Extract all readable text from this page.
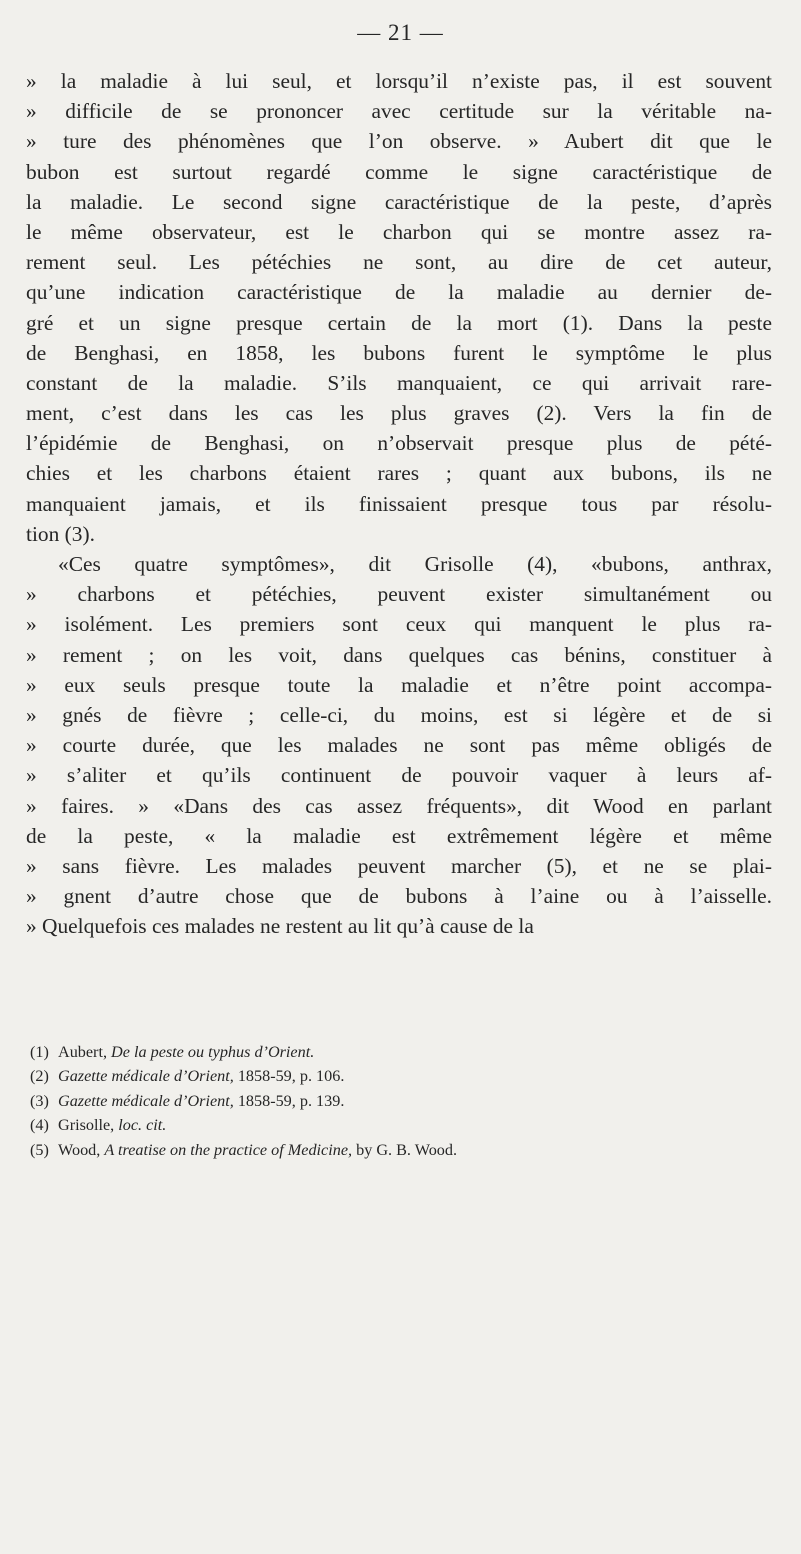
— 21 —
» la maladie à lui seul, et lorsqu’il n’existe pas, il est souvent
» difficile de se prononcer avec certitude sur la véritable na-
» ture des phénomènes que l’on observe. » Aubert dit que le
bubon est surtout regardé comme le signe caractéristique de
la maladie. Le second signe caractéristique de la peste, d’après
le même observateur, est le charbon qui se montre assez ra-
rement seul. Les pétéchies ne sont, au dire de cet auteur,
qu’une indication caractéristique de la maladie au dernier de-
gré et un signe presque certain de la mort (1). Dans la peste
de Benghasi, en 1858, les bubons furent le symptôme le plus
constant de la maladie. S’ils manquaient, ce qui arrivait rare-
ment, c’est dans les cas les plus graves (2). Vers la fin de
l’épidémie de Benghasi, on n’observait presque plus de pété-
chies et les charbons étaient rares ; quant aux bubons, ils ne
manquaient jamais, et ils finissaient presque tous par résolu-
tion (3).
«Ces quatre symptômes», dit Grisolle (4), «bubons, anthrax,
» charbons et pétéchies, peuvent exister simultanément ou
» isolément. Les premiers sont ceux qui manquent le plus ra-
» rement ; on les voit, dans quelques cas bénins, constituer à
» eux seuls presque toute la maladie et n’être point accompa-
» gnés de fièvre ; celle-ci, du moins, est si légère et de si
» courte durée, que les malades ne sont pas même obligés de
» s’aliter et qu’ils continuent de pouvoir vaquer à leurs af-
» faires. » «Dans des cas assez fréquents», dit Wood en parlant
de la peste, « la maladie est extrêmement légère et même
» sans fièvre. Les malades peuvent marcher (5), et ne se plai-
» gnent d’autre chose que de bubons à l’aine ou à l’aisselle.
» Quelquefois ces malades ne restent au lit qu’à cause de la
(1) Aubert, De la peste ou typhus d’Orient.
(2) Gazette médicale d’Orient, 1858-59, p. 106.
(3) Gazette médicale d’Orient, 1858-59, p. 139.
(4) Grisolle, loc. cit.
(5) Wood, A treatise on the practice of Medicine, by G. B. Wood.
